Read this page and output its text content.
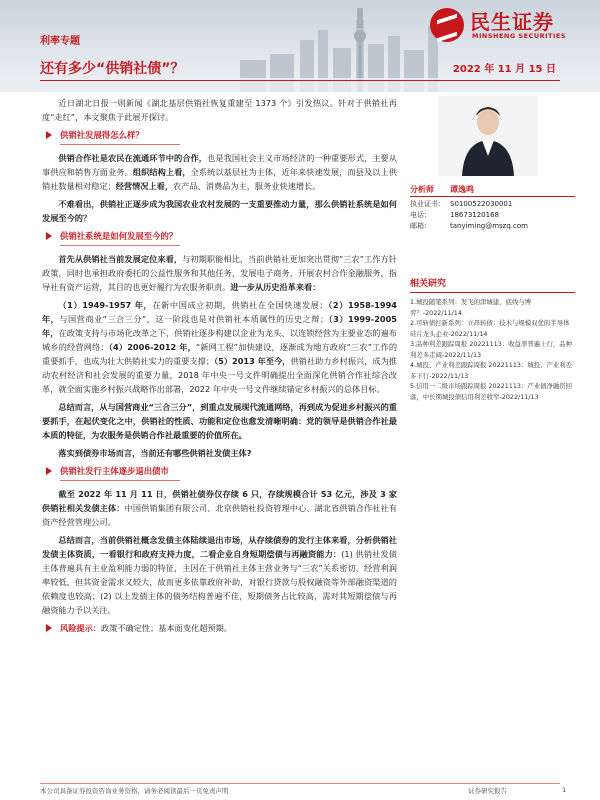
民生证券
MINSHENG SECURITIES
利率专题
还有多少“供销社债”？	2022 年 11 月 15 日

近日湖北日报一则新闻《湖北基层供销社恢复重建至 1373 个》引发热议。针对于供销社再度“走红”，本文聚焦于此展开探讨。

供销社发展得怎么样？

供销合作社是农民在流通环节中的合作，也是我国社会主义市场经济的一种重要形式，主要从事供应和销售方面业务。组织结构上看，全系统以基层社为主体，近年来快速发展，而县及以上供销社数量相对稳定；经营情况上看，农产品、消费品为主，服务业快速增长。

不难看出，供销社正逐步成为我国农业农村发展的一支重要推动力量，那么供销社系统是如何发展至今的？

供销社系统是如何发展至今的？

首先从供销社当前发展定位来看，与初期职能相比，当前供销社更加突出贯彻“三农”工作方针政策，同时也承担政府委托的公益性服务和其他任务，发展电子商务，开展农村合作金融服务，指导社有资产运营，其目的也更好履行为农服务职责。进一步从历史沿革来看：

（1）1949-1957 年，在新中国成立初期，供销社在全国快速发展；（2）1958-1994 年，与国营商业“三合三分”，这一阶段也是对供销社本质属性的历史之辩；（3）1999-2005 年，在政策支持与市场化改革之下，供销社逐步构建以企业为龙头、以连锁经营为主要业态的遍布城乡的经营网络；（4）2006-2012 年，“新网工程”加快建设，逐渐成为地方政府“三农”工作的重要抓手，也成为壮大供销社实力的重要支撑；（5）2013 年至今，供销社助力乡村振兴，成为推动农村经济和社会发展的重要力量，2018 年中央一号文件明确提出全面深化供销合作社综合改革，就全面实施乡村振兴战略作出部署，2022 年中央一号文件继续锚定乡村振兴的总体目标。

总结而言，从与国营商业“三合三分”，到重点发展现代流通网络，再到成为促进乡村振兴的重要抓手，在起伏变化之中，供销社的性质、功能和定位也愈发清晰明确：党的领导是供销合作社最本质的特征，为农服务是供销合作社最重要的价值所在。

落实到债券市场而言，当前还有哪些供销社发债主体?

供销社发行主体逐步退出债市

截至 2022 年 11 月 11 日，供销社债券仅存续 6 只，存续规模合计 53 亿元，涉及 3 家供销社相关发债主体：中国供销集团有限公司、北京供销社投资管理中心、湖北省供销合作社社有资产经营管理公司。

总结而言，当前供销社概念发债主体陆续退出市场，从存续债券的发行主体来看，分析供销社发债主体资质，一看银行和政府支持力度，二看企业自身短期偿债与再融资能力：(1) 供销社发债主体普遍具有主业盈利能力弱的特征，主因在于供销社主体主营业务与“三农”关系密切，经营利润率较低，但其资金需求又较大，故而更多依靠政府补助，对银行贷款与股权融资等外部融资渠道的依赖度也较高；(2) 以上发债主体的债务结构普遍不佳，短期债务占比较高，需对其短期偿债与再融资能力予以关注。

风险提示：政策不确定性；基本面变化超预期。
分析师	谭逸鸣
执业证书： S0100522030001
电话：	18673120168
邮箱：	tanyiming@mszq.com
相关研究
1.城投随笔系列：发飞的津城建，底线与博弈？-2022/11/14
2.可转债打新系列：立昂转债：技术与规模双优的半导体硅片龙头企业-2022/11/14
3.品种利差跟踪周报 20221113：收益率普遍上行，品种利差多走阔-2022/11/13
4.城投、产业利差跟踪周报 20221113：城投、产业利差多下行-2022/11/13
5.信用一二级市场跟踪周报 20221113：产业债净融资回落，中长期城投债信用利差收窄-2022/11/13
本公司具备证券投资咨询业务资格，请务必阅读最后一页免责声明	证券研究报告	1
